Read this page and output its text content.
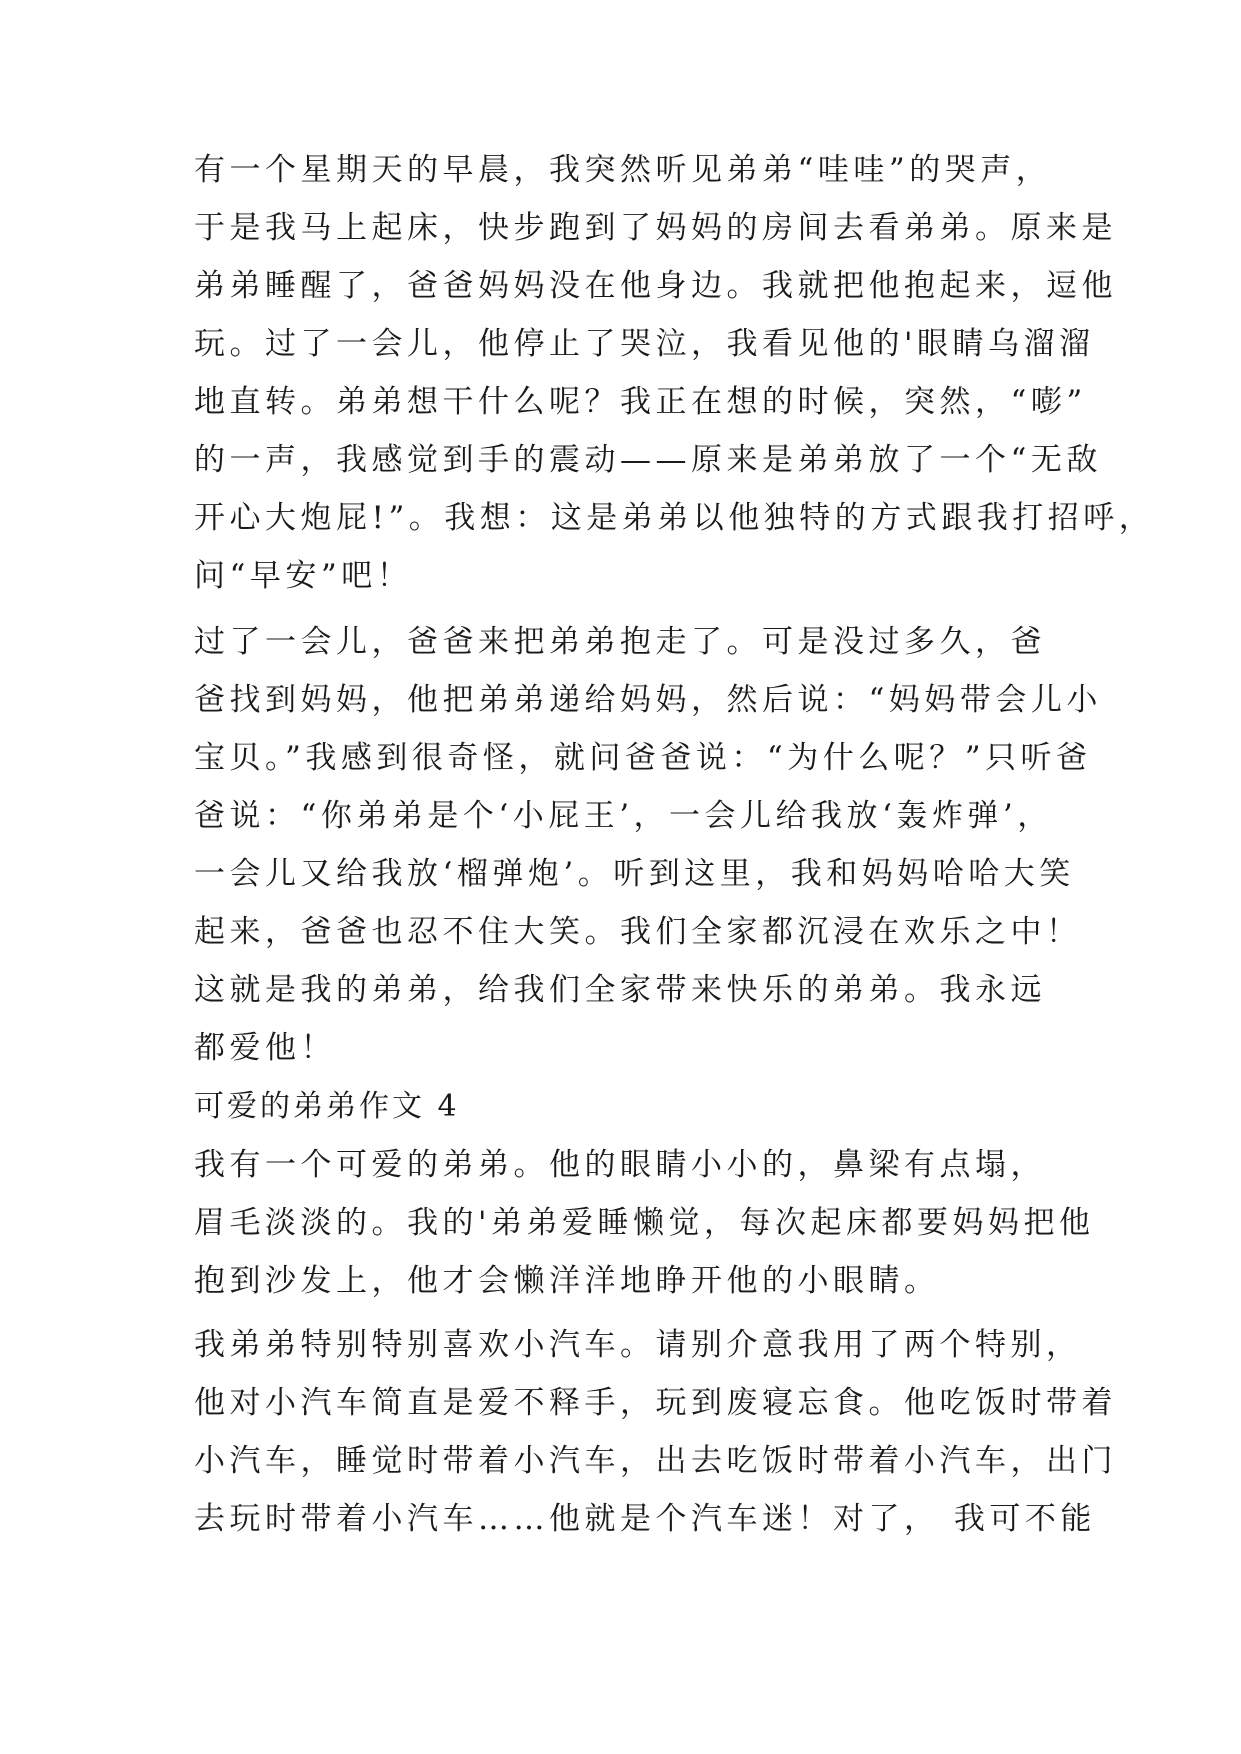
有一个星期天的早晨，我突然听见弟弟“哇哇”的哭声，
于是我马上起床，快步跑到了妈妈的房间去看弟弟。原来是
弟弟睡醒了，爸爸妈妈没在他身边。我就把他抱起来，逗他
玩。过了一会儿，他停止了哭泣，我看见他的'眼睛乌溜溜
地直转。弟弟想干什么呢？我正在想的时候，突然，“嘭”
的一声，我感觉到手的震动——原来是弟弟放了一个“无敌
开心大炮屁!”。我想：这是弟弟以他独特的方式跟我打招呼，
问“早安”吧！
过了一会儿，爸爸来把弟弟抱走了。可是没过多久，爸
爸找到妈妈，他把弟弟递给妈妈，然后说：“妈妈带会儿小
宝贝。”我感到很奇怪，就问爸爸说：“为什么呢？”只听爸
爸说：“你弟弟是个‘小屁王’，一会儿给我放‘轰炸弹’，
一会儿又给我放‘榴弹炮’。听到这里，我和妈妈哈哈大笑
起来，爸爸也忍不住大笑。我们全家都沉浸在欢乐之中！
这就是我的弟弟，给我们全家带来快乐的弟弟。我永远
都爱他！
可爱的弟弟作文 4
我有一个可爱的弟弟。他的眼睛小小的，鼻梁有点塌，
眉毛淡淡的。我的'弟弟爱睡懒觉，每次起床都要妈妈把他
抱到沙发上，他才会懒洋洋地睁开他的小眼睛。
我弟弟特别特别喜欢小汽车。请别介意我用了两个特别，
他对小汽车简直是爱不释手，玩到废寝忘食。他吃饭时带着
小汽车，睡觉时带着小汽车，出去吃饭时带着小汽车，出门
去玩时带着小汽车……他就是个汽车迷！对了， 我可不能
